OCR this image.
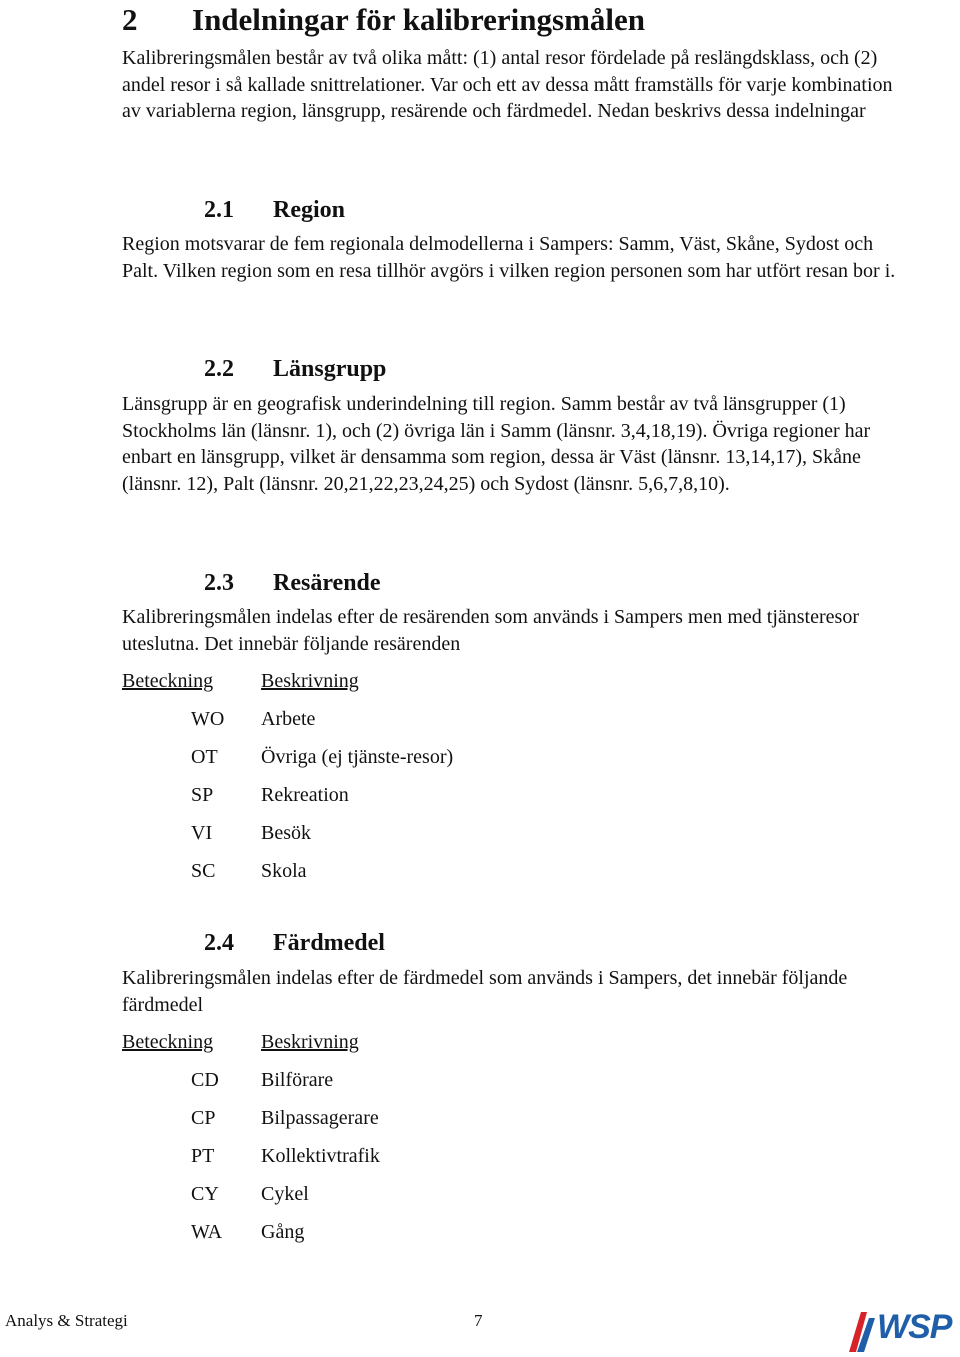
2 Indelningar för kalibreringsmålen

Kalibreringsmålen består av två olika mått: (1) antal resor fördelade på reslängdsklass, och (2) andel resor i så kallade snittrelationer. Var och ett av dessa mått framställs för varje kombination av variablerna region, länsgrupp, resärende och färdmedel. Nedan beskrivs dessa indelningar

2.1 Region

Region motsvarar de fem regionala delmodellerna i Sampers: Samm, Väst, Skåne, Sydost och Palt. Vilken region som en resa tillhör avgörs i vilken region personen som har utfört resan bor i.

2.2 Länsgrupp

Länsgrupp är en geografisk underindelning till region. Samm består av två länsgrupper (1) Stockholms län (länsnr. 1), och (2) övriga län i Samm (länsnr. 3,4,18,19). Övriga regioner har enbart en länsgrupp, vilket är densamma som region, dessa är Väst (länsnr. 13,14,17), Skåne (länsnr. 12), Palt (länsnr. 20,21,22,23,24,25) och Sydost (länsnr. 5,6,7,8,10).

2.3 Resärende

Kalibreringsmålen indelas efter de resärenden som används i Sampers men med tjänsteresor uteslutna. Det innebär följande resärenden

Beteckning Beskrivning
WO Arbete
OT Övriga (ej tjänste-resor)
SP Rekreation
VI Besök
SC Skola
2.4 Färdmedel

Kalibreringsmålen indelas efter de färdmedel som används i Sampers, det innebär följande färdmedel

Beteckning Beskrivning
CD Bilförare
CP Bilpassagerare
PT Kollektivtrafik
CY Cykel
WA Gång
Analys & Strategi	7	WSP
